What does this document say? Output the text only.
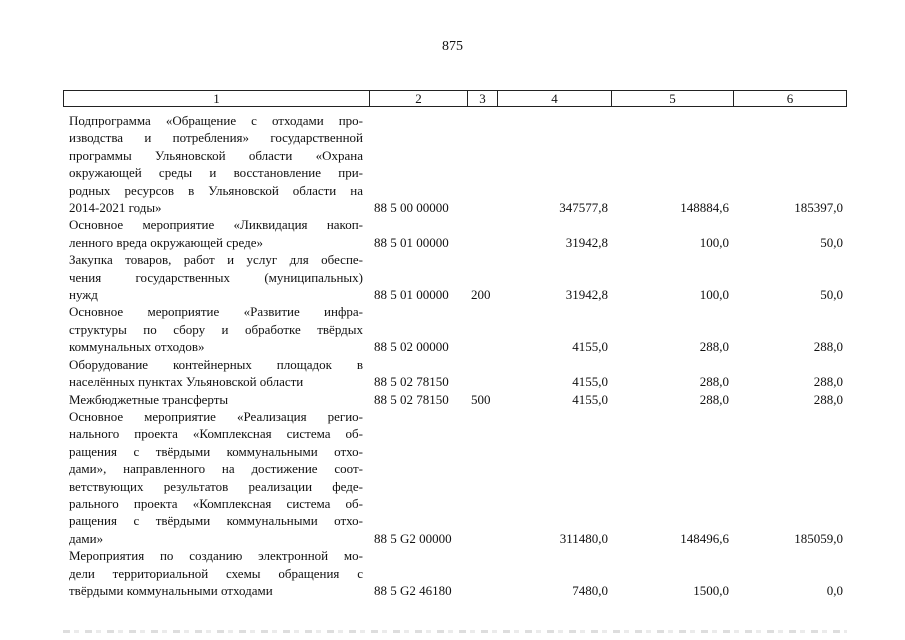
875
1	2	3	4	5	6
Подпрограмма «Обращение с отходами про-
изводства и потребления» государственной
программы Ульяновской области «Охрана
окружающей среды и восстановление при-
родных ресурсов в Ульяновской области на
2014-2021 годы»	88 5 00 00000	347577,8	148884,6	185397,0
Основное мероприятие «Ликвидация накоп-
ленного вреда окружающей среде»	88 5 01 00000	31942,8	100,0	50,0
Закупка товаров, работ и услуг для обеспе-
чения государственных (муниципальных)
нужд	88 5 01 00000 200	31942,8	100,0	50,0
Основное мероприятие «Развитие инфра-
структуры по сбору и обработке твёрдых
коммунальных отходов»	88 5 02 00000	4155,0	288,0	288,0
Оборудование контейнерных площадок в
населённых пунктах Ульяновской области	88 5 02 78150	4155,0	288,0	288,0
Межбюджетные трансферты	88 5 02 78150 500	4155,0	288,0	288,0
Основное мероприятие «Реализация регио-
нального проекта «Комплексная система об-
ращения с твёрдыми коммунальными отхо-
дами», направленного на достижение соот-
ветствующих результатов реализации феде-
рального проекта «Комплексная система об-
ращения с твёрдыми коммунальными отхо-
дами»	88 5 G2 00000	311480,0	148496,6	185059,0
Мероприятия по созданию электронной мо-
дели территориальной схемы обращения с
твёрдыми коммунальными отходами	88 5 G2 46180	7480,0	1500,0	0,0
